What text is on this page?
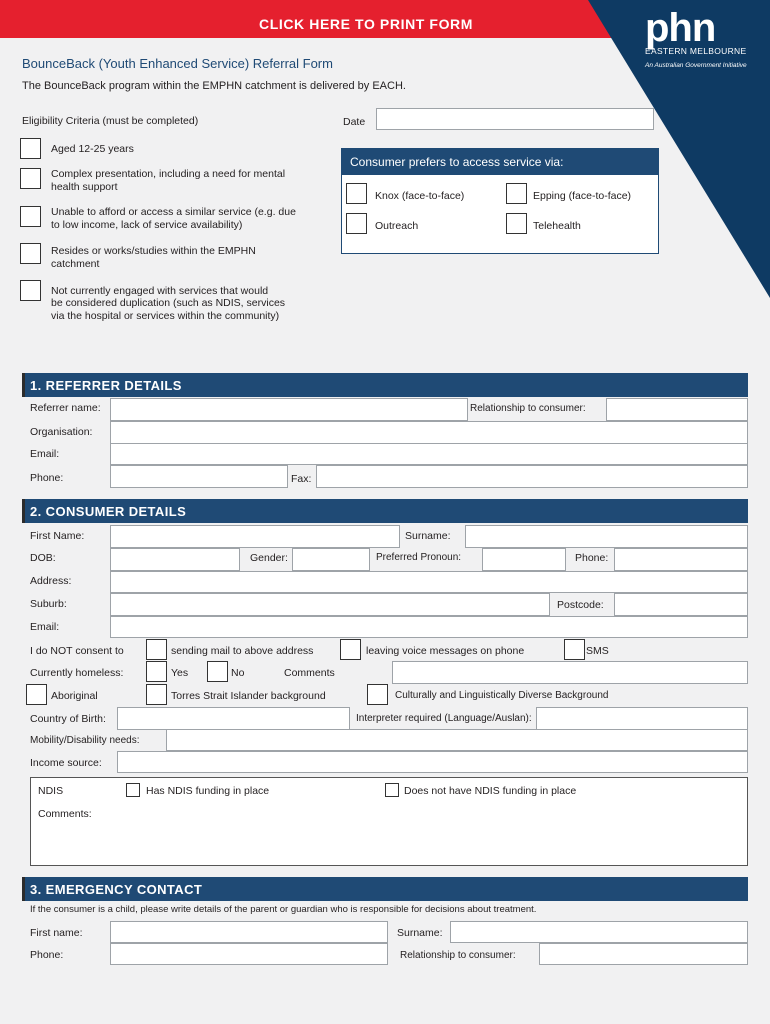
CLICK HERE TO PRINT FORM	phn
EASTERN MELBOURNE
An Australian Government Initiative
BounceBack (Youth Enhanced Service) Referral Form
The BounceBack program within the EMPHN catchment is delivered by EACH.
Eligibility Criteria (must be completed)	Date
Aged 12-25 years
Complex presentation, including a need for mental
health support
Unable to afford or access a similar service (e.g. due
to low income, lack of service availability)
Resides or works/studies within the EMPHN
catchment
Not currently engaged with services that would
be considered duplication (such as NDIS, services
via the hospital or services within the community)
Consumer prefers to access service via:
Knox (face-to-face)	Epping (face-to-face)
Outreach	Telehealth
1. REFERRER DETAILS
Referrer name:	Relationship to consumer:
Organisation:
Email:
Phone:	Fax:
2. CONSUMER DETAILS
First Name:	Surname:
DOB:	Gender:	Preferred Pronoun:	Phone:
Address:
Suburb:	Postcode:
Email:
I do NOT consent to	sending mail to above address	leaving voice messages on phone	SMS
Currently homeless:	Yes	No	Comments
Aboriginal	Torres Strait Islander background	Culturally and Linguistically Diverse Background
Country of Birth:	Interpreter required (Language/Auslan):
Mobility/Disability needs:
Income source:
NDIS	Has NDIS funding in place	Does not have NDIS funding in place
Comments:
3. EMERGENCY CONTACT
If the consumer is a child, please write details of the parent or guardian who is responsible for decisions about treatment.
First name:	Surname:
Phone:	Relationship to consumer:
